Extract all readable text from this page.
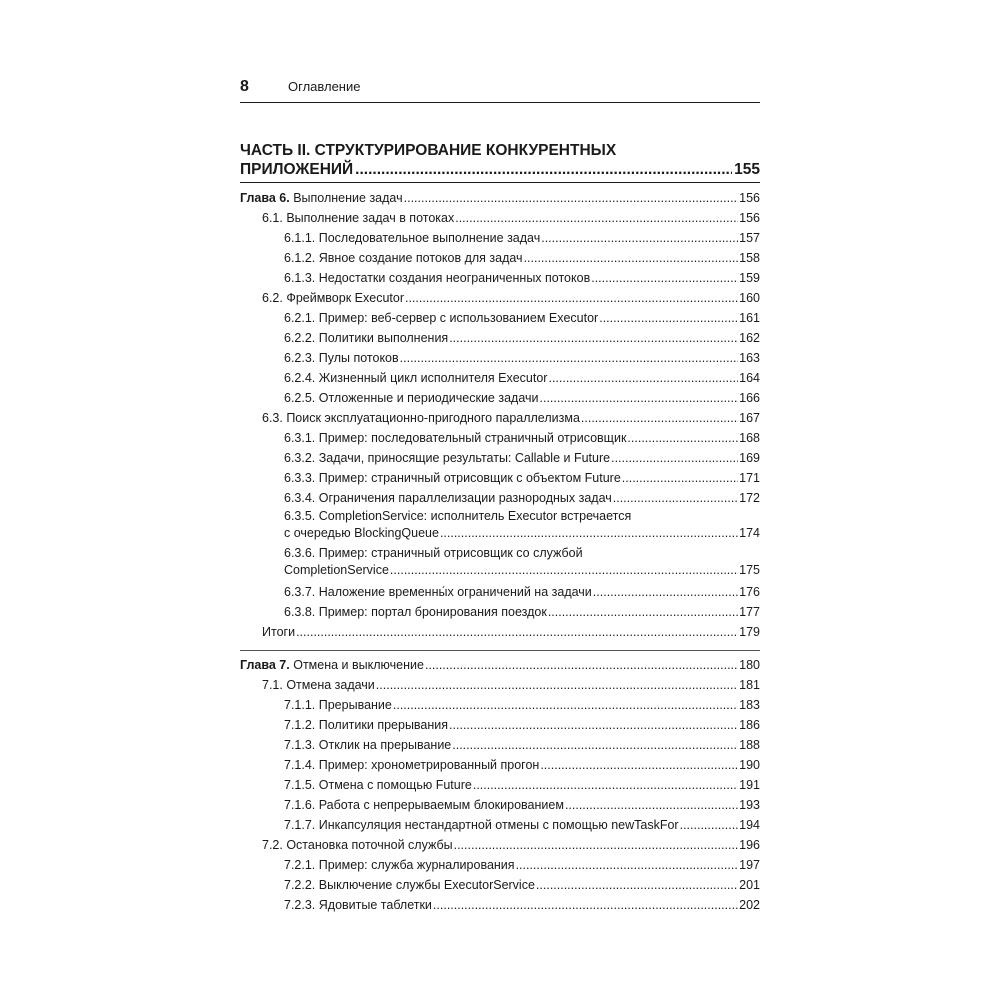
8	Оглавление
ЧАСТЬ II. СТРУКТУРИРОВАНИЕ КОНКУРЕНТНЫХ
ПРИЛОЖЕНИЙ .....	155
Глава 6. Выполнение задач .....	156
6.1. Выполнение задач в потоках .....	156
6.1.1. Последовательное выполнение задач .....	157
6.1.2. Явное создание потоков для задач .....	158
6.1.3. Недостатки создания неограниченных потоков .....	159
6.2. Фреймворк Executor .....	160
6.2.1. Пример: веб-сервер с использованием Executor .....	161
6.2.2. Политики выполнения .....	162
6.2.3. Пулы потоков .....	163
6.2.4. Жизненный цикл исполнителя Executor .....	164
6.2.5. Отложенные и периодические задачи .....	166
6.3. Поиск эксплуатационно-пригодного параллелизма .....	167
6.3.1. Пример: последовательный страничный отрисовщик .....	168
6.3.2. Задачи, приносящие результаты: Callable и Future .....	169
6.3.3. Пример: страничный отрисовщик с объектом Future .....	171
6.3.4. Ограничения параллелизации разнородных задач .....	172
6.3.5. CompletionService: исполнитель Executor встречается
с очередью BlockingQueue .....	174
6.3.6. Пример: страничный отрисовщик со службой
CompletionService .....	175
6.3.7. Наложение временны́х ограничений на задачи .....	176
6.3.8. Пример: портал бронирования поездок .....	177
Итоги .....	179
Глава 7. Отмена и выключение .....	180
7.1. Отмена задачи .....	181
7.1.1. Прерывание .....	183
7.1.2. Политики прерывания .....	186
7.1.3. Отклик на прерывание .....	188
7.1.4. Пример: хронометрированный прогон .....	190
7.1.5. Отмена с помощью Future .....	191
7.1.6. Работа с непрерываемым блокированием .....	193
7.1.7. Инкапсуляция нестандартной отмены с помощью newTaskFor .....	194
7.2. Остановка поточной службы .....	196
7.2.1. Пример: служба журналирования .....	197
7.2.2. Выключение службы ExecutorService .....	201
7.2.3. Ядовитые таблетки .....	202
